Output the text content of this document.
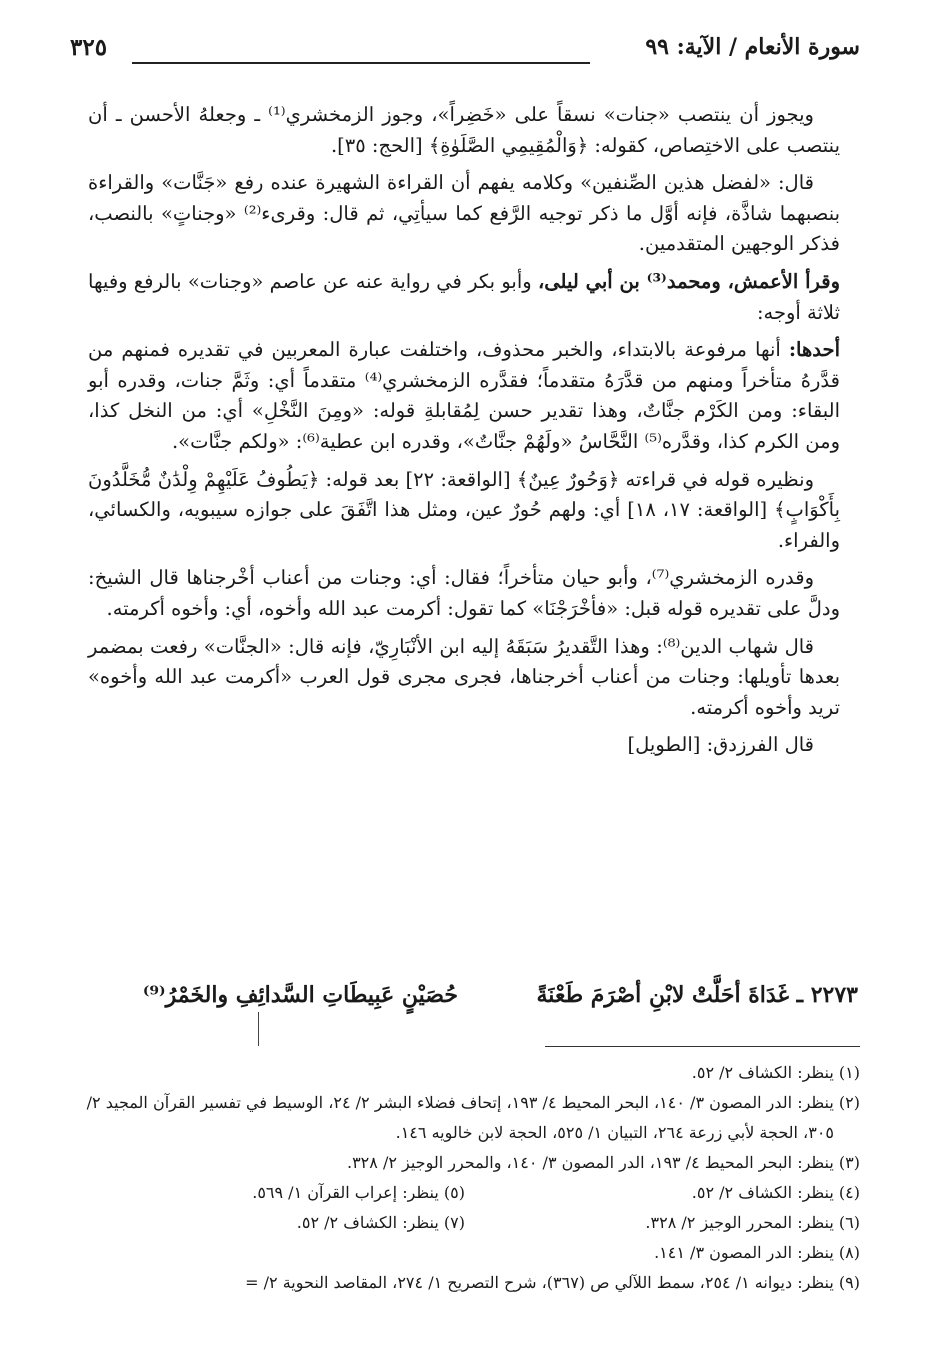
سورة الأنعام / الآية: ٩٩
٣٢٥

ويجوز أن ينتصب «جنات» نسقاً على «خَضِراً»، وجوز الزمخشري⁽¹⁾ ـ وجعلهُ الأحسن ـ أن ينتصب على الاختِصاص، كقوله: ﴿وَالْمُقِيمِي الصَّلَوٰةِ﴾ [الحج: ٣٥].

قال: «لفضل هذين الصِّنفين» وكلامه يفهم أن القراءة الشهيرة عنده رفع «جَنَّات» والقراءة بنصبهما شاذَّة، فإنه أوَّل ما ذكر توجيه الرَّفع كما سيأتِي، ثم قال: وقرىء⁽²⁾ «وجناتٍ» بالنصب، فذكر الوجهين المتقدمين.

وقرأ الأعمش، ومحمد⁽³⁾ بن أبي ليلى، وأبو بكر في رواية عنه عن عاصم «وجنات» بالرفع وفيها ثلاثة أوجه:

أحدها: أنها مرفوعة بالابتداء، والخبر محذوف، واختلفت عبارة المعربين في تقديره فمنهم من قدَّرهُ متأخراً ومنهم من قدَّرَهُ متقدماً؛ فقدَّره الزمخشري⁽⁴⁾ متقدماً أي: وثَمَّ جنات، وقدره أبو البقاء: ومن الكَرْم جنَّاتٌ، وهذا تقدير حسن لِمُقابلةِ قوله: «ومِنَ النَّخْلِ» أي: من النخل كذا، ومن الكرم كذا، وقدَّره⁽⁵⁾ النَّحَّاسُ «ولَهُمْ جنَّاتٌ»، وقدره ابن عطية⁽⁶⁾: «ولكم جنَّات».

ونظيره قوله في قراءته ﴿وَحُورٌ عِينٌ﴾ [الواقعة: ٢٢] بعد قوله: ﴿يَطُوفُ عَلَيْهِمْ وِلْدَٰنٌ مُّخَلَّدُونَ بِأَكْوَابٍ﴾ [الواقعة: ١٧، ١٨] أي: ولهم حُورٌ عين، ومثل هذا اتَّفَقَ على جوازه سيبويه، والكسائي، والفراء.

وقدره الزمخشري⁽⁷⁾، وأبو حيان متأخراً؛ فقال: أي: وجنات من أعناب أخْرجناها قال الشيخ: ودلَّ على تقديره قوله قبل: «فأخْرَجْنَا» كما تقول: أكرمت عبد الله وأخوه، أي: وأخوه أكرمته.

قال شهاب الدين⁽⁸⁾: وهذا التَّقديرُ سَبَقَهُ إليه ابن الأنْبَارِيّ، فإنه قال: «الجنَّات» رفعت بمضمر بعدها تأويلها: وجنات من أعناب أخرجناها، فجرى مجرى قول العرب «أكرمت عبد الله وأخوه» تريد وأخوه أكرمته.

قال الفرزدق: [الطويل]

٢٢٧٣ ـ غَدَاةَ أحَلَّتْ لابْنِ أصْرَمَ طَعْنَةً
حُصَيْنٍ عَبِيطَاتِ السَّدائِفِ والخَمْرُ⁽⁹⁾
(١) ينظر: الكشاف ٢/ ٥٢.
(٢) ينظر: الدر المصون ٣/ ١٤٠، البحر المحيط ٤/ ١٩٣، إتحاف فضلاء البشر ٢/ ٢٤، الوسيط في تفسير القرآن المجيد ٢/ ٣٠٥، الحجة لأبي زرعة ٢٦٤، التبيان ١/ ٥٢٥، الحجة لابن خالويه ١٤٦.
(٣) ينظر: البحر المحيط ٤/ ١٩٣، الدر المصون ٣/ ١٤٠، والمحرر الوجيز ٢/ ٣٢٨.
(٤) ينظر: الكشاف ٢/ ٥٢.
(٥) ينظر: إعراب القرآن ١/ ٥٦٩.
(٦) ينظر: المحرر الوجيز ٢/ ٣٢٨.
(٧) ينظر: الكشاف ٢/ ٥٢.
(٨) ينظر: الدر المصون ٣/ ١٤١.
(٩) ينظر: ديوانه ١/ ٢٥٤، سمط اللآلي ص (٣٦٧)، شرح التصريح ١/ ٢٧٤، المقاصد النحوية ٢/ =
